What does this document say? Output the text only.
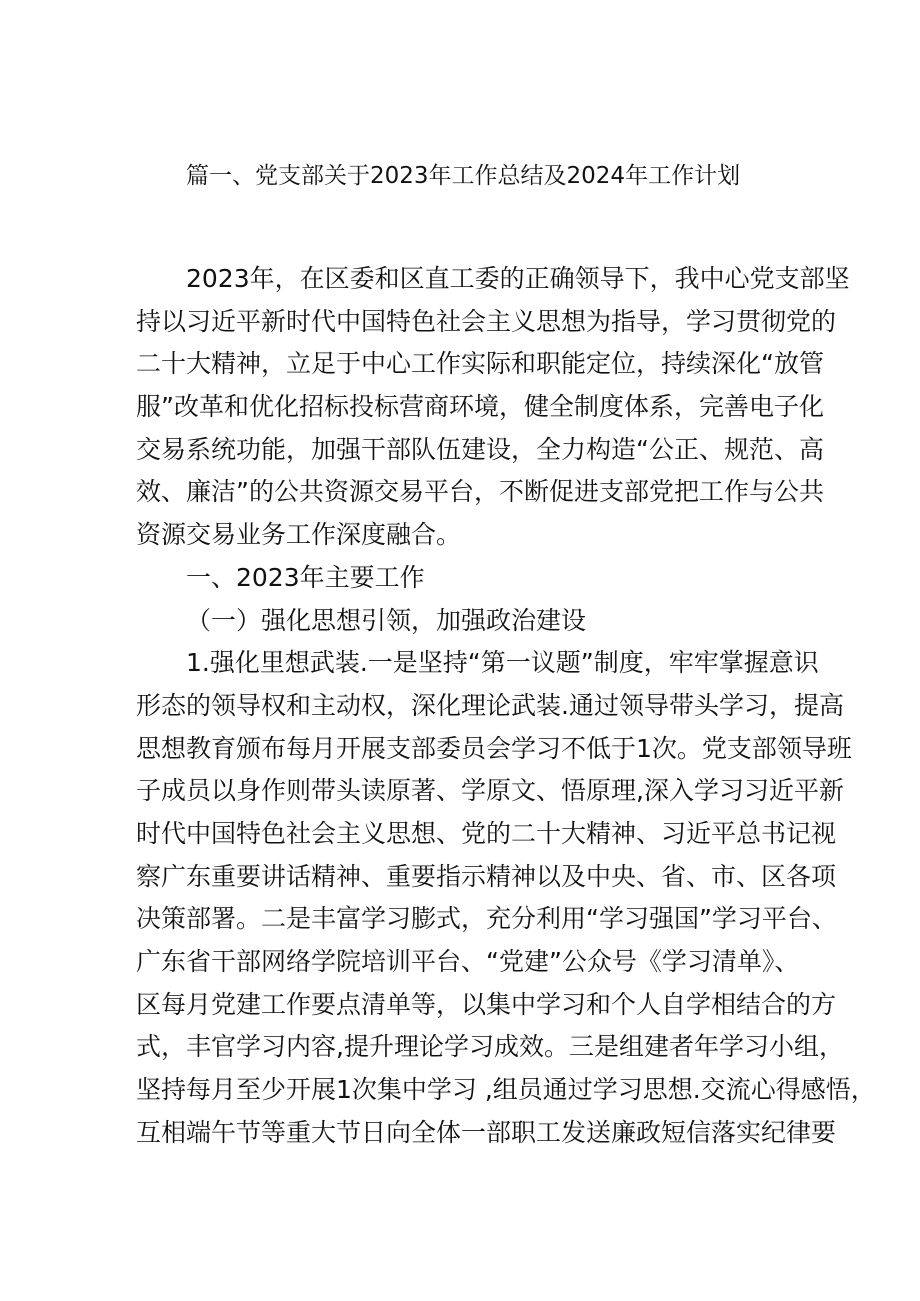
篇一、党支部关于2023年工作总结及2024年工作计划
2023年，在区委和区直工委的正确领导下，我中心党支部坚
持以习近平新时代中国特色社会主义思想为指导，学习贯彻党的
二十大精神，立足于中心工作实际和职能定位，持续深化“放管
服”改革和优化招标投标营商环境，健全制度体系，完善电子化
交易系统功能，加强干部队伍建设，全力构造“公正、规范、高
效、廉洁”的公共资源交易平台，不断促进支部党把工作与公共
资源交易业务工作深度融合。
一、2023年主要工作
（一）强化思想引领，加强政治建设
1.强化里想武装.一是坚持“第一议题”制度，牢牢掌握意识
形态的领导权和主动权，深化理论武装.通过领导带头学习，提高
思想教育颁布每月开展支部委员会学习不低于1次。党支部领导班
子成员以身作则带头读原著、学原文、悟原理,深入学习习近平新
时代中国特色社会主义思想、党的二十大精神、习近平总书记视
察广东重要讲话精神、重要指示精神以及中央、省、市、区各项
决策部署。二是丰富学习膨式，充分利用“学习强国”学习平台、
广东省干部网络学院培训平台、“党建”公众号《学习清单》、
区每月党建工作要点清单等，以集中学习和个人自学相结合的方
式，丰官学习内容,提升理论学习成效。三是组建者年学习小组，
坚持每月至少开展1次集中学习 ,组员通过学习思想.交流心得感悟，
互相端午节等重大节日向全体一部职工发送廉政短信落实纪律要
